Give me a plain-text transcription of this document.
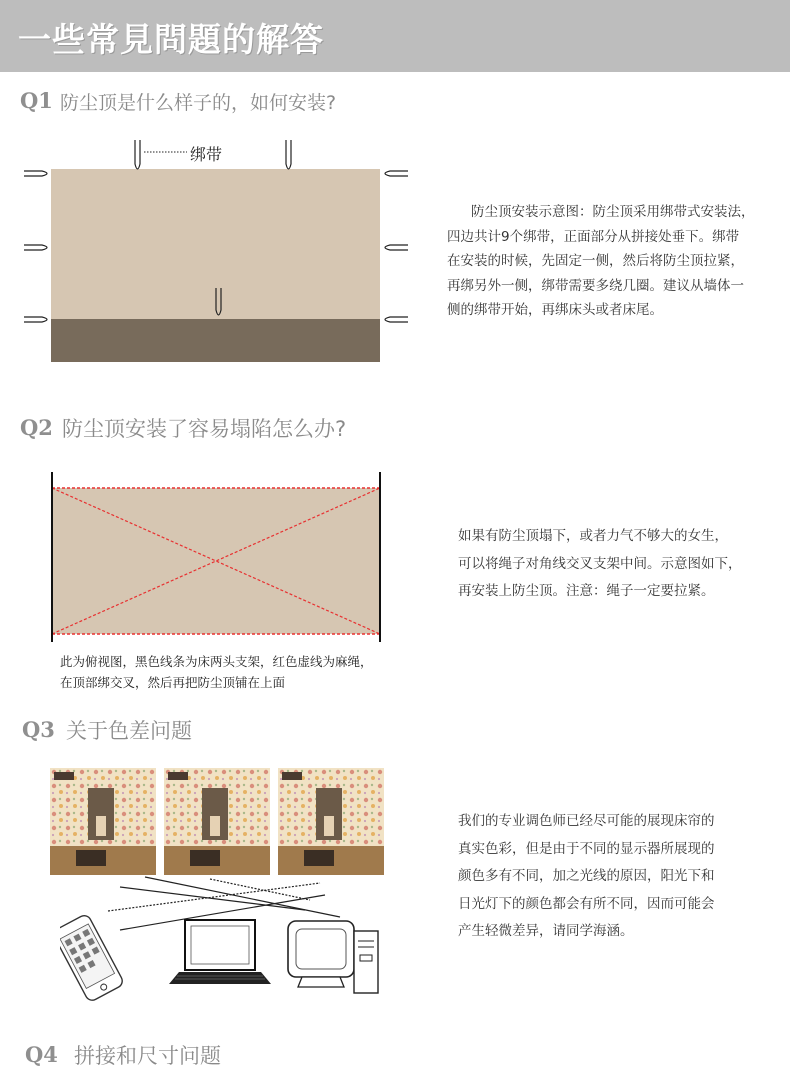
一些常見問題的解答
Q1 防尘顶是什么样子的，如何安装?
绑带

防尘顶安装示意图：防尘顶采用绑带式安装法，

四边共计9个绑带，正面部分从拼接处垂下。绑带

在安装的时候，先固定一侧，然后将防尘顶拉紧，

再绑另外一侧，绑带需要多绕几圈。建议从墙体一

侧的绑带开始，再绑床头或者床尾。

Q2 防尘顶安装了容易塌陷怎么办?

此为俯视图，黑色线条为床两头支架，红色虚线为麻绳，

在顶部绑交叉，然后再把防尘顶铺在上面

如果有防尘顶塌下，或者力气不够大的女生，

可以将绳子对角线交叉支架中间。示意图如下，

再安装上防尘顶。注意：绳子一定要拉紧。

Q3 关于色差问题

我们的专业调色师已经尽可能的展现床帘的

真实色彩，但是由于不同的显示器所展现的

颜色多有不同，加之光线的原因，阳光下和

日光灯下的颜色都会有所不同，因而可能会

产生轻微差异，请同学海涵。

Q4 拼接和尺寸问题
